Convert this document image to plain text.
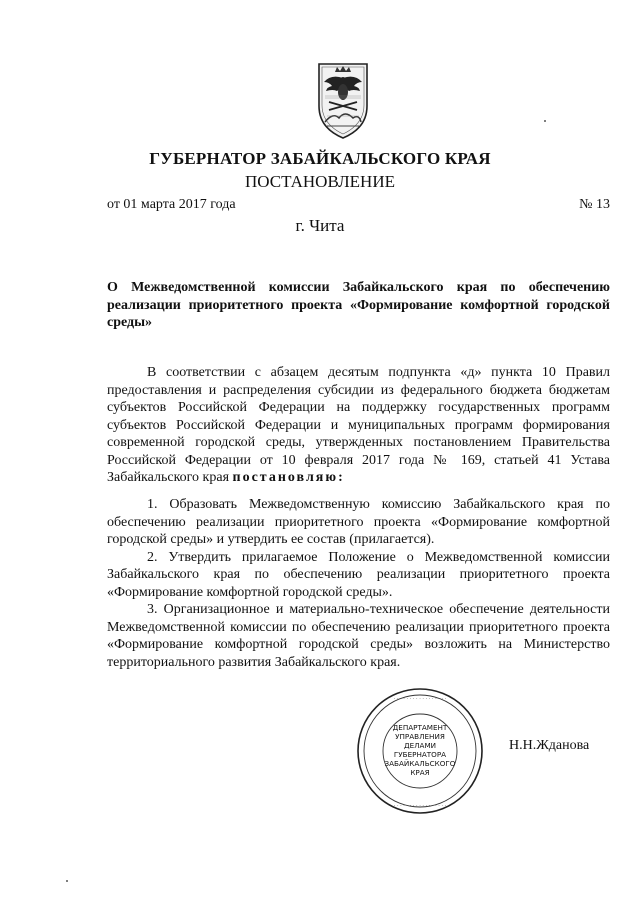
ГУБЕРНАТОР ЗАБАЙКАЛЬСКОГО КРАЯ
ПОСТАНОВЛЕНИЕ
от 01 марта 2017 года	№ 13
г. Чита
О Межведомственной комиссии Забайкальского края по обеспечению реализации приоритетного проекта «Формирование комфортной городской среды»
В соответствии с абзацем десятым подпункта «д» пункта 10 Правил предоставления и распределения субсидии из федерального бюджета бюджетам субъектов Российской Федерации на поддержку государственных программ субъектов Российской Федерации и муниципальных программ формирования современной городской среды, утвержденных постановлением Правительства Российской Федерации от 10 февраля 2017 года № 169, статьей 41 Устава Забайкальского края постановляю:

1. Образовать Межведомственную комиссию Забайкальского края по обеспечению реализации приоритетного проекта «Формирование комфортной городской среды» и утвердить ее состав (прилагается).

2. Утвердить прилагаемое Положение о Межведомственной комиссии Забайкальского края по обеспечению реализации приоритетного проекта «Формирование комфортной городской среды».

3. Организационное и материально-техническое обеспечение деятельности Межведомственной комиссии по обеспечению реализации приоритетного проекта «Формирование комфортной городской среды» возложить на Министерство территориального развития Забайкальского края.

· · · · · · · · · · · · · · · · ·
· · · · · · · · · · · · · · · · ·
ДЕПАРТАМЕНТ
УПРАВЛЕНИЯ
ДЕЛАМИ
ГУБЕРНАТОРА
ЗАБАЙКАЛЬСКОГО
КРАЯ
Н.Н.Жданова
